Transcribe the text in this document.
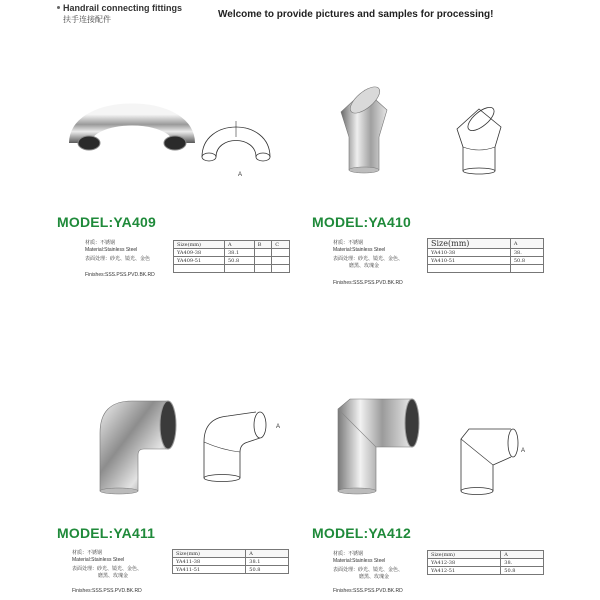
Handrail connecting fittings
扶手连接配件	Welcome to provide pictures and samples for processing!
A
MODEL:YA409
材质：不锈钢
Material:Stainless Steel
表面处理：砂光、镜光、金色
Finishes:SSS.PSS.PVD.BK.RD
Size(mm)	A	B	C
YA409-38	38.1		
YA409-51	50.8		

MODEL:YA410
材质：不锈钢
Material:Stainless Steel
表面处理：砂光、镜光、金色、
磨黑、玫瑰金
Finishes:SSS.PSS.PVD.BK.RD
Size(mm)	A
YA410-38	38.
YA410-51	50.8

A
MODEL:YA411
材质：不锈钢
Material:Stainless Steel
表面处理：砂光、镜光、金色、
磨黑、玫瑰金
Finishes:SSS.PSS.PVD.BK.RD
Size(mm)	A
YA411-38	38.1
YA411-51	50.8
A
MODEL:YA412
材质：不锈钢
Material:Stainless Steel
表面处理：砂光、镜光、金色、
磨黑、玫瑰金
Finishes:SSS.PSS.PVD.BK.RD
Size(mm)	A
YA412-38	38.
YA412-51	50.8
